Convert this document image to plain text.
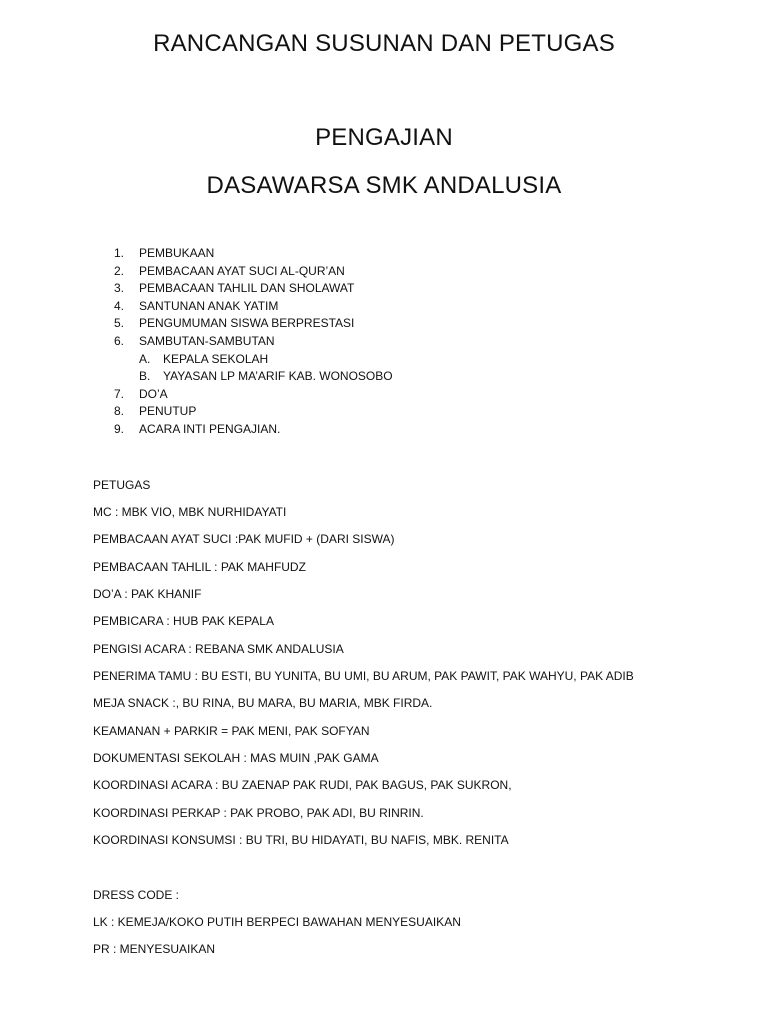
RANCANGAN SUSUNAN DAN PETUGAS
PENGAJIAN
DASAWARSA SMK ANDALUSIA
1.	PEMBUKAAN
2.	PEMBACAAN AYAT SUCI AL-QUR’AN
3.	PEMBACAAN TAHLIL DAN SHOLAWAT
4.	SANTUNAN ANAK YATIM
5.	PENGUMUMAN SISWA BERPRESTASI
6.	SAMBUTAN-SAMBUTAN
A.	KEPALA SEKOLAH
B.	YAYASAN LP MA’ARIF KAB. WONOSOBO
7.	DO’A
8.	PENUTUP
9.	ACARA INTI PENGAJIAN.
PETUGAS
MC : MBK VIO, MBK NURHIDAYATI
PEMBACAAN AYAT SUCI :PAK MUFID + (DARI SISWA)
PEMBACAAN TAHLIL : PAK MAHFUDZ
DO’A : PAK KHANIF
PEMBICARA : HUB PAK KEPALA
PENGISI ACARA : REBANA SMK ANDALUSIA
PENERIMA TAMU : BU ESTI, BU YUNITA, BU UMI, BU ARUM, PAK PAWIT, PAK WAHYU, PAK ADIB
MEJA SNACK :, BU RINA, BU MARA, BU MARIA, MBK FIRDA.
KEAMANAN + PARKIR = PAK MENI, PAK SOFYAN
DOKUMENTASI SEKOLAH : MAS MUIN ,PAK GAMA
KOORDINASI ACARA : BU ZAENAP PAK RUDI, PAK BAGUS, PAK SUKRON,
KOORDINASI PERKAP : PAK PROBO, PAK ADI, BU RINRIN.
KOORDINASI KONSUMSI : BU TRI, BU HIDAYATI, BU NAFIS, MBK. RENITA
DRESS CODE :
LK : KEMEJA/KOKO PUTIH BERPECI BAWAHAN MENYESUAIKAN
PR : MENYESUAIKAN
